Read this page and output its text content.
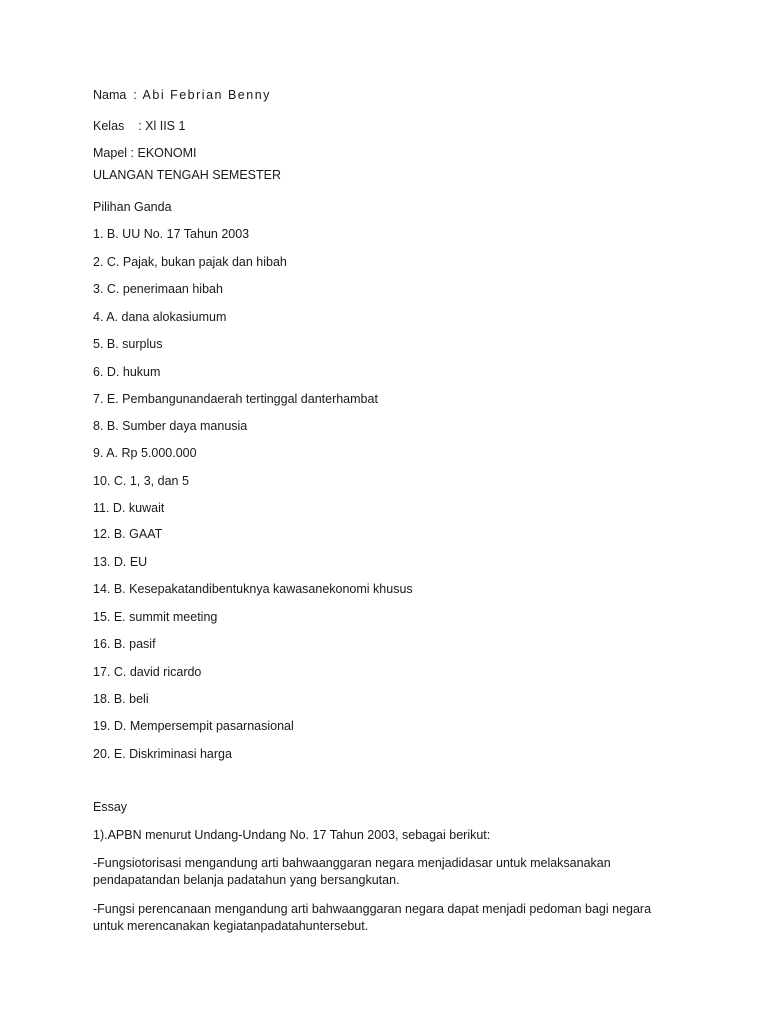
Nama : Abi Febrian Benny
Kelas : Xl IIS 1
Mapel : EKONOMI
ULANGAN TENGAH SEMESTER
Pilihan Ganda
1. B. UU No. 17 Tahun 2003
2. C. Pajak, bukan pajak dan hibah
3. C. penerimaan hibah
4. A. dana alokasiumum
5. B. surplus
6. D. hukum
7. E. Pembangunandaerah tertinggal danterhambat
8. B. Sumber daya manusia
9. A. Rp 5.000.000
10. C. 1, 3, dan 5
11. D. kuwait
12. B. GAAT
13. D. EU
14. B. Kesepakatandibentuknya kawasanekonomi khusus
15. E. summit meeting
16. B. pasif
17. C. david ricardo
18. B. beli
19. D. Mempersempit pasarnasional
20. E. Diskriminasi harga
Essay
1).APBN menurut Undang-Undang No. 17 Tahun 2003, sebagai berikut:
-Fungsiotorisasi mengandung arti bahwaanggaran negara menjadidasar untuk melaksanakan pendapatandan belanja padatahun yang bersangkutan.
-Fungsi perencanaan mengandung arti bahwaanggaran negara dapat menjadi pedoman bagi negara untuk merencanakan kegiatanpadatahuntersebut.
